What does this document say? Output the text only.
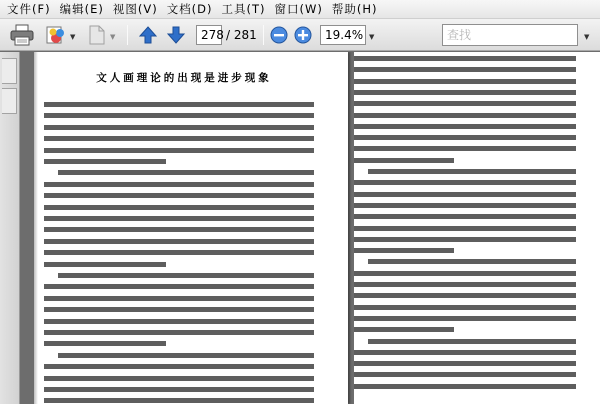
文件(F) 编辑(E) 视图(V) 文档(D) 工具(T) 窗口(W) 帮助(H)
▼	▼	278 / 281	19.4% ▼	查找	▼
文人画理论的出现是进步现象
